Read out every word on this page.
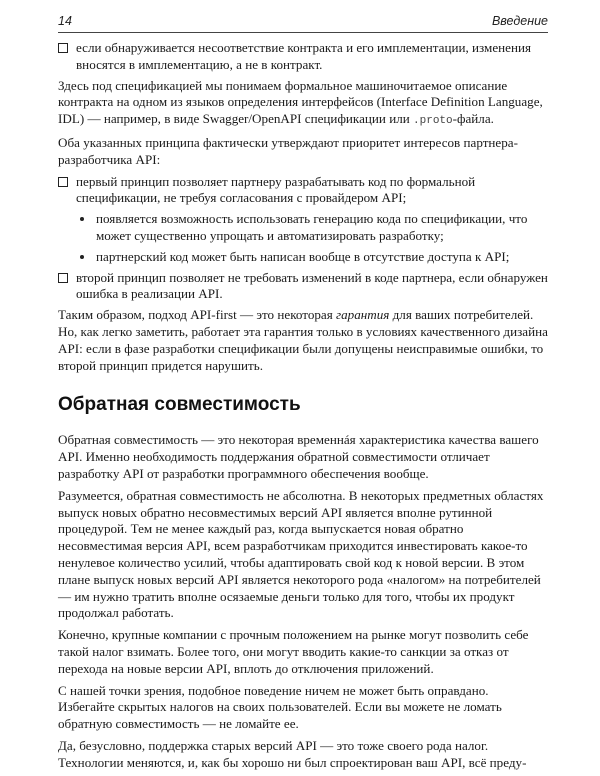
14	Введение
если обнаруживается несоответствие контракта и его имплементации, изменения вносятся в имплементацию, а не в контракт.

Здесь под спецификацией мы понимаем формальное машиночитаемое описание контракта на одном из языков определения интерфейсов (Interface Definition Language, IDL) — например, в виде Swagger/OpenAPI спецификации или .proto-файла.

Оба указанных принципа фактически утверждают приоритет интересов партнера-разработчика API:

первый принцип позволяет партнеру разрабатывать код по формальной спецификации, не требуя согласования с провайдером API;
появляется возможность использовать генерацию кода по спецификации, что может существенно упрощать и автоматизировать разработку;
партнерский код может быть написан вообще в отсутствие доступа к API;
второй принцип позволяет не требовать изменений в коде партнера, если обнаружен ошибка в реализации API.

Таким образом, подход API-first — это некоторая гарантия для ваших потребителей. Но, как легко заметить, работает эта гарантия только в условиях качественного дизайна API: если в фазе разработки спецификации были допущены неисправимые ошибки, то второй принцип придется нарушить.

Обратная совместимость

Обратная совместимость — это некоторая временнáя характеристика качества вашего API. Именно необходимость поддержания обратной совместимости отличает разработку API от разработки программного обеспечения вообще.

Разумеется, обратная совместимость не абсолютна. В некоторых предметных областях выпуск новых обратно несовместимых версий API является вполне рутинной процедурой. Тем не менее каждый раз, когда выпускается новая обратно несовместимая версия API, всем разработчикам приходится инвестировать какое-то ненулевое количество усилий, чтобы адаптировать свой код к новой версии. В этом плане выпуск новых версий API является некоторого рода «налогом» на потребителей — им нужно тратить вполне осязаемые деньги только для того, чтобы их продукт продолжал работать.

Конечно, крупные компании с прочным положением на рынке могут позволить себе такой налог взимать. Более того, они могут вводить какие-то санкции за отказ от перехода на новые версии API, вплоть до отключения приложений.

С нашей точки зрения, подобное поведение ничем не может быть оправдано. Избегайте скрытых налогов на своих пользователей. Если вы можете не ломать обратную совместимость — не ломайте ее.

Да, безусловно, поддержка старых версий API — это тоже своего рода налог. Технологии меняются, и, как бы хорошо ни был спроектирован ваш API, всё преду-
